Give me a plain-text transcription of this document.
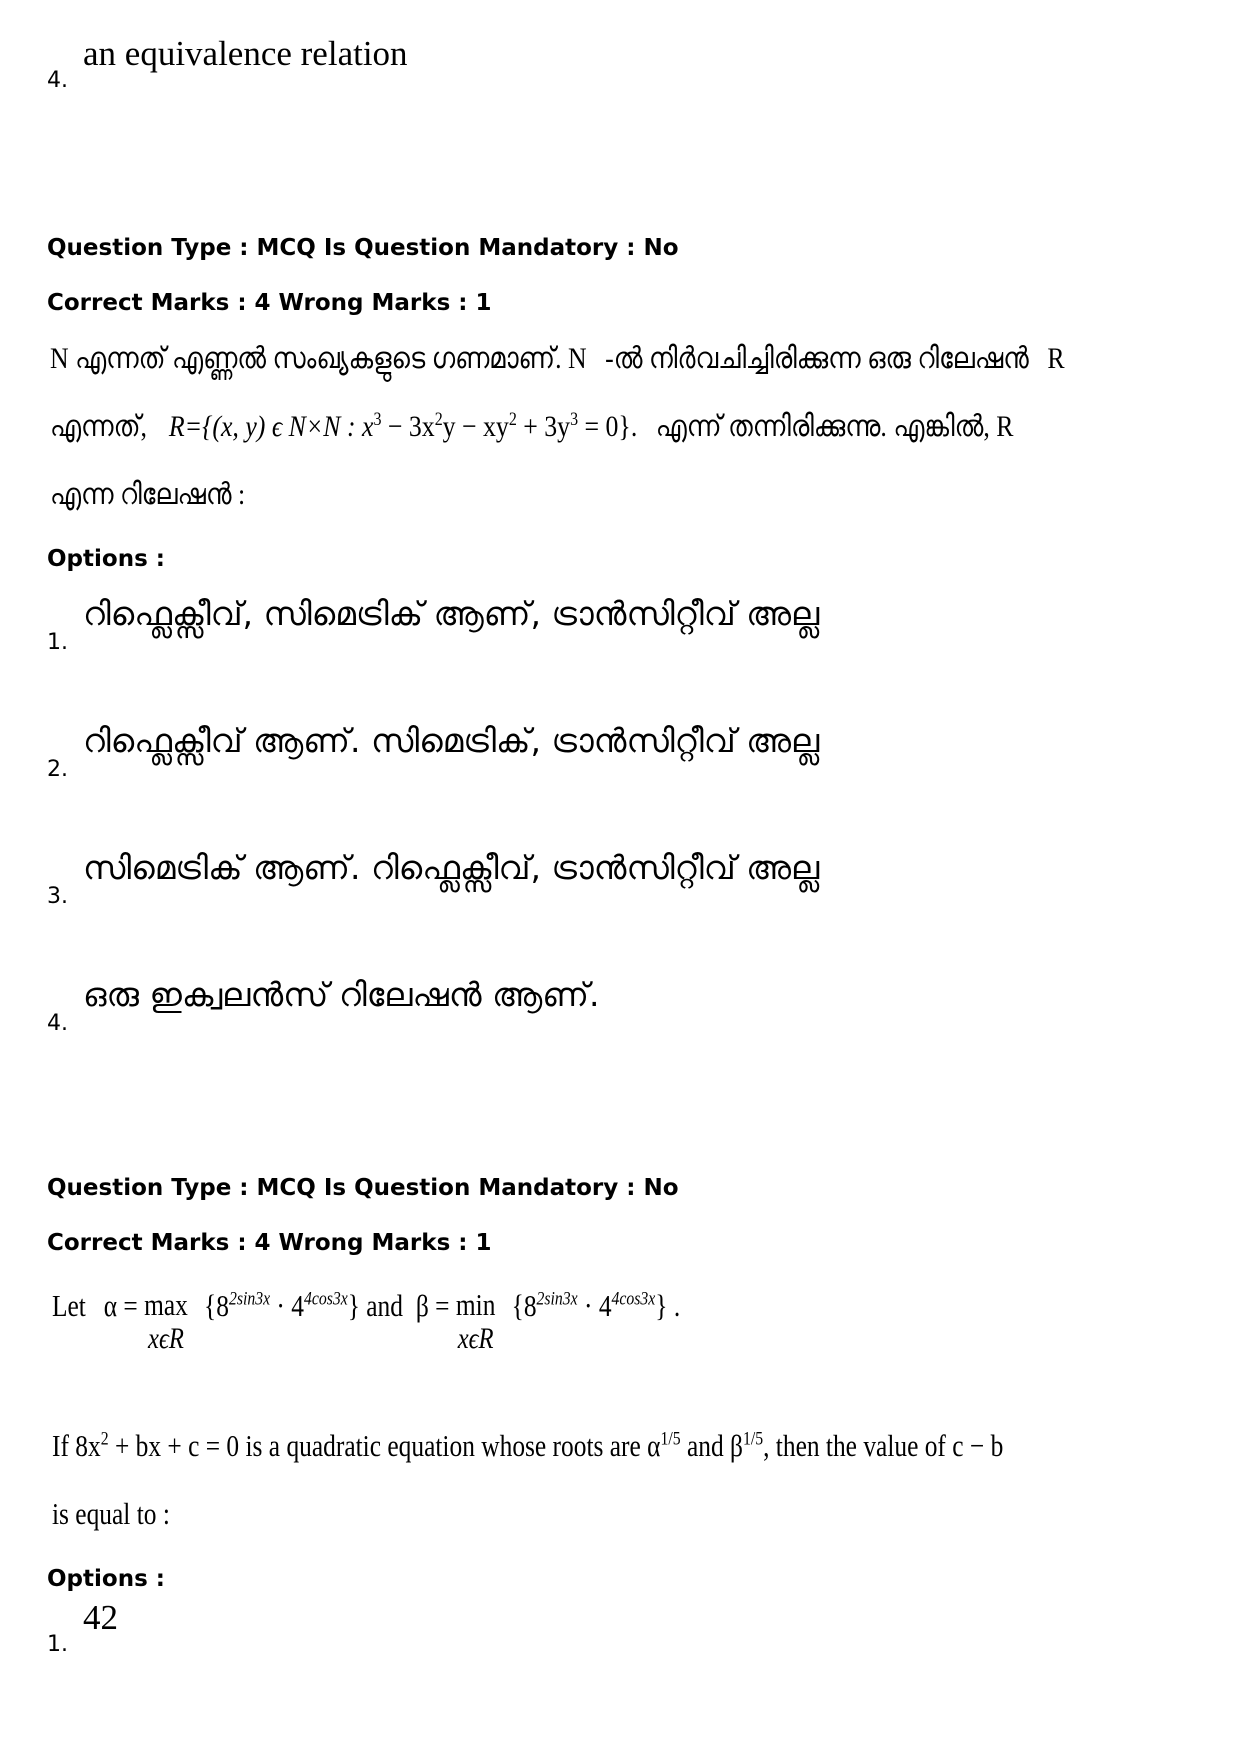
4.
an equivalence relation
Question Type : MCQ Is Question Mandatory : No
Correct Marks : 4 Wrong Marks : 1
N എന്നത് എണ്ണൽ സംഖ്യകളുടെ ഗണമാണ്. N -ൽ നിർവചിച്ചിരിക്കുന്ന ഒരു റിലേഷൻ R
എന്നത്, R={(x, y) ϵ N×N : $x^3 - 3x^2y - xy^2 + 3y^3 = 0$}. എന്ന് തന്നിരിക്കുന്നു. എങ്കിൽ, R
എന്ന റിലേഷൻ :
Options :
1.
റിഫ്ലെക്സീവ്, സിമെട്രിക് ആണ്, ട്രാൻസിറ്റീവ് അല്ല
2.
റിഫ്ലെക്സീവ് ആണ്. സിമെട്രിക്, ട്രാൻസിറ്റീവ് അല്ല
3.
സിമെട്രിക് ആണ്. റിഫ്ലെക്സീവ്, ട്രാൻസിറ്റീവ് അല്ല
4.
ഒരു ഇക്വലൻസ് റിലേഷൻ ആണ്.
Question Type : MCQ Is Question Mandatory : No
Correct Marks : 4 Wrong Marks : 1
Let α = max
xϵR
$\{8^{2sin3x} \cdot 4^{4cos3x}\}$ and β = min
xϵR
$\{8^{2sin3x} \cdot 4^{4cos3x}\}$ .
If $8x^2$ + bx + c = 0 is a quadratic equation whose roots are $\alpha^{1/5}$ and $\beta^{1/5}$, then the value of c − b
is equal to :
Options :
1.
42
